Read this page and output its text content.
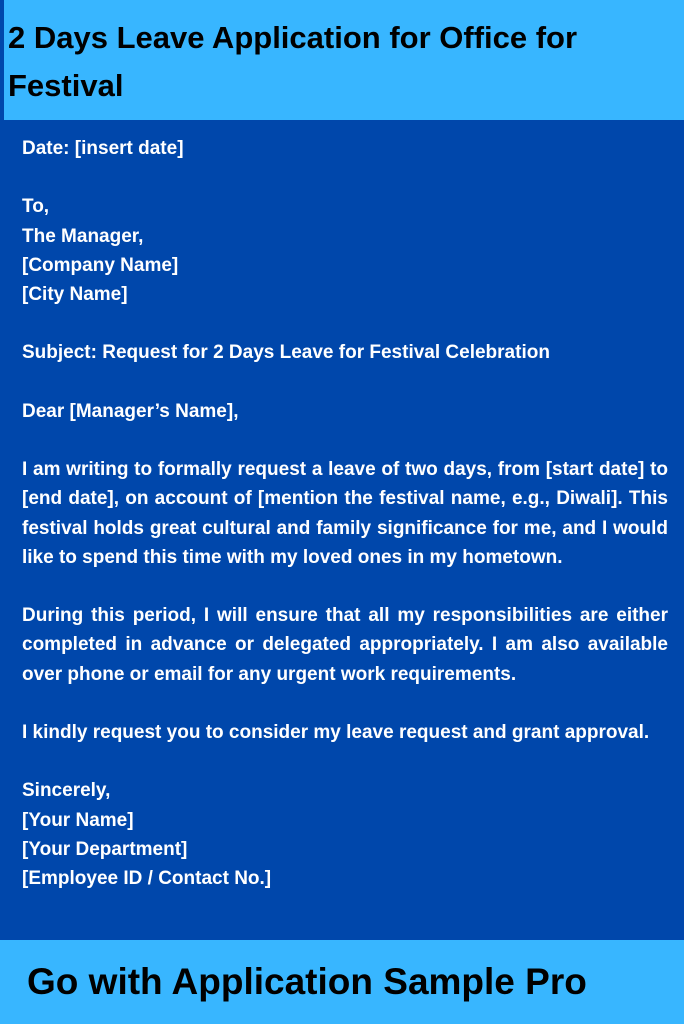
2 Days Leave Application for Office for Festival

Date: [insert date]

To,

The Manager,

[Company Name]

[City Name]

Subject: Request for 2 Days Leave for Festival Celebration

Dear [Manager’s Name],

I am writing to formally request a leave of two days, from [start date] to [end date], on account of [mention the festival name, e.g., Diwali]. This festival holds great cultural and family significance for me, and I would like to spend this time with my loved ones in my hometown.

During this period, I will ensure that all my responsibilities are either completed in advance or delegated appropriately. I am also available over phone or email for any urgent work requirements.

I kindly request you to consider my leave request and grant approval.

Sincerely,

[Your Name]

[Your Department]

[Employee ID / Contact No.]

Go with Application Sample Pro
